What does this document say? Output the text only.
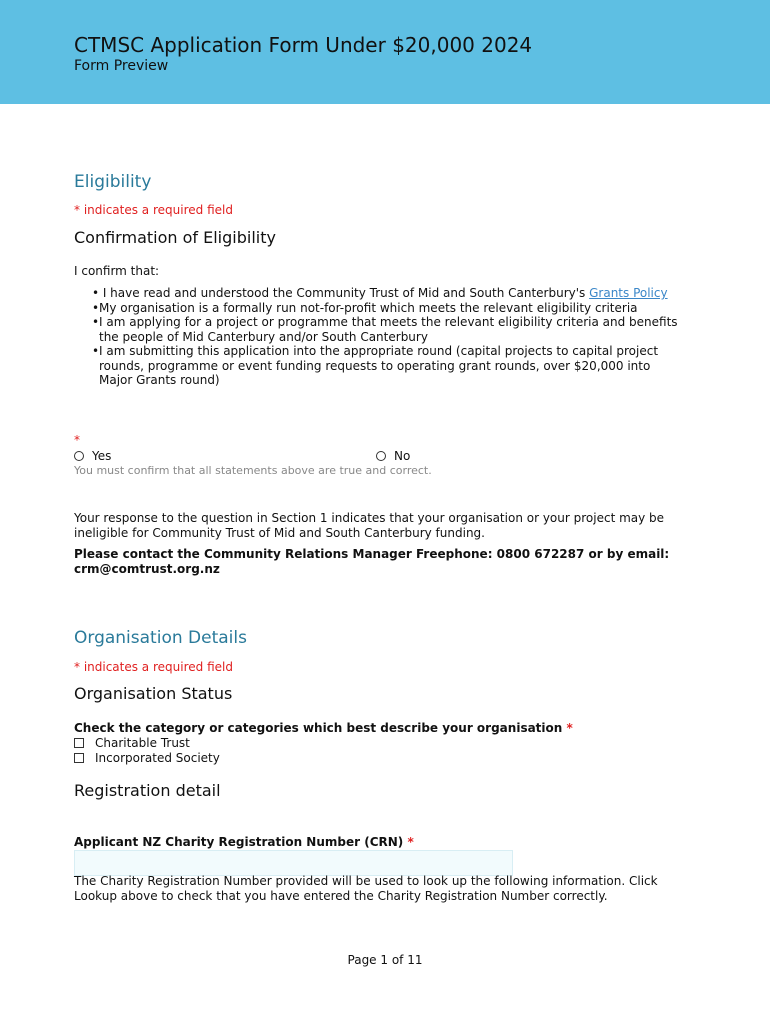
CTMSC Application Form Under $20,000 2024
Form Preview
Eligibility
* indicates a required field
Confirmation of Eligibility
I confirm that:
• I have read and understood the Community Trust of Mid and South Canterbury's Grants Policy
• My organisation is a formally run not-for-profit which meets the relevant eligibility criteria
• I am applying for a project or programme that meets the relevant eligibility criteria and benefits the people of Mid Canterbury and/or South Canterbury
• I am submitting this application into the appropriate round (capital projects to capital project rounds, programme or event funding requests to operating grant rounds, over $20,000 into Major Grants round)
*
Yes	No
You must confirm that all statements above are true and correct.
Your response to the question in Section 1 indicates that your organisation or your project may be ineligible for Community Trust of Mid and South Canterbury funding.
Please contact the Community Relations Manager Freephone: 0800 672287 or by email: crm@comtrust.org.nz
Organisation Details
* indicates a required field
Organisation Status
Check the category or categories which best describe your organisation *
Charitable Trust
Incorporated Society
Registration detail
Applicant NZ Charity Registration Number (CRN) *
The Charity Registration Number provided will be used to look up the following information. Click Lookup above to check that you have entered the Charity Registration Number correctly.
Page 1 of 11
